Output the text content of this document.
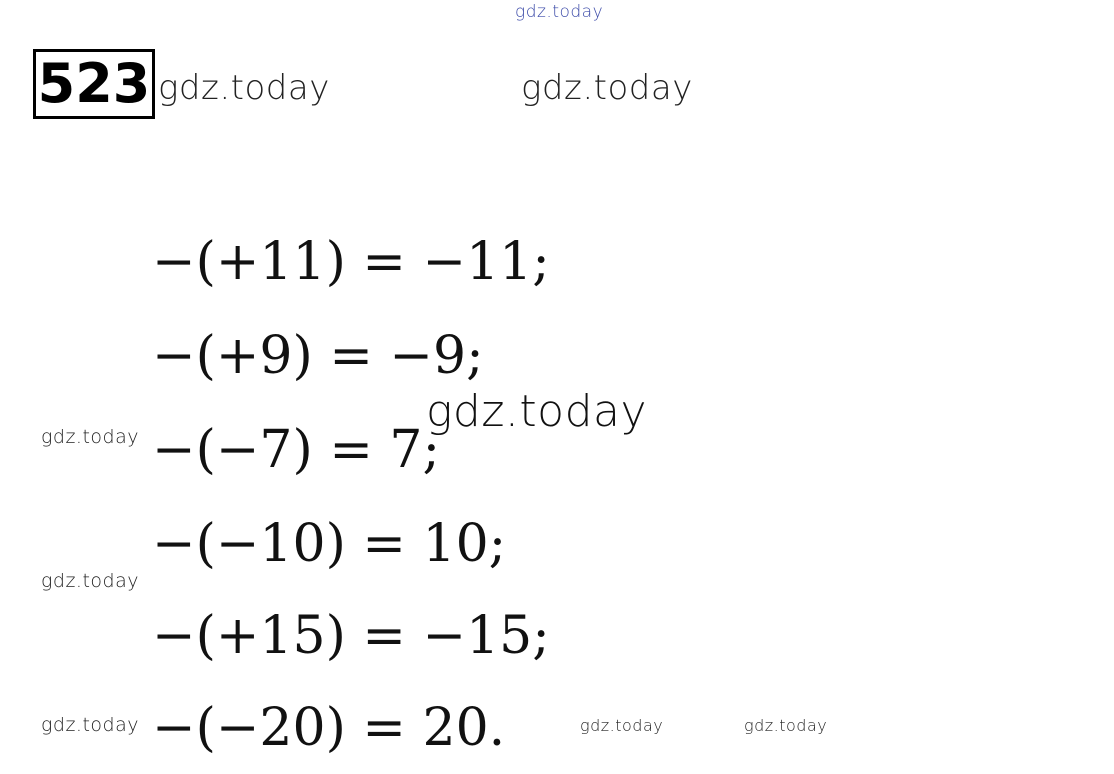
523
gdz.today
gdz.today	gdz.today
−(+11) = −11;
−(+9) = −9;
−(−7) = 7;
−(−10) = 10;
−(+15) = −15;
−(−20) = 20.
gdz.today
gdz.today
gdz.today
gdz.today	gdz.today	gdz.today
